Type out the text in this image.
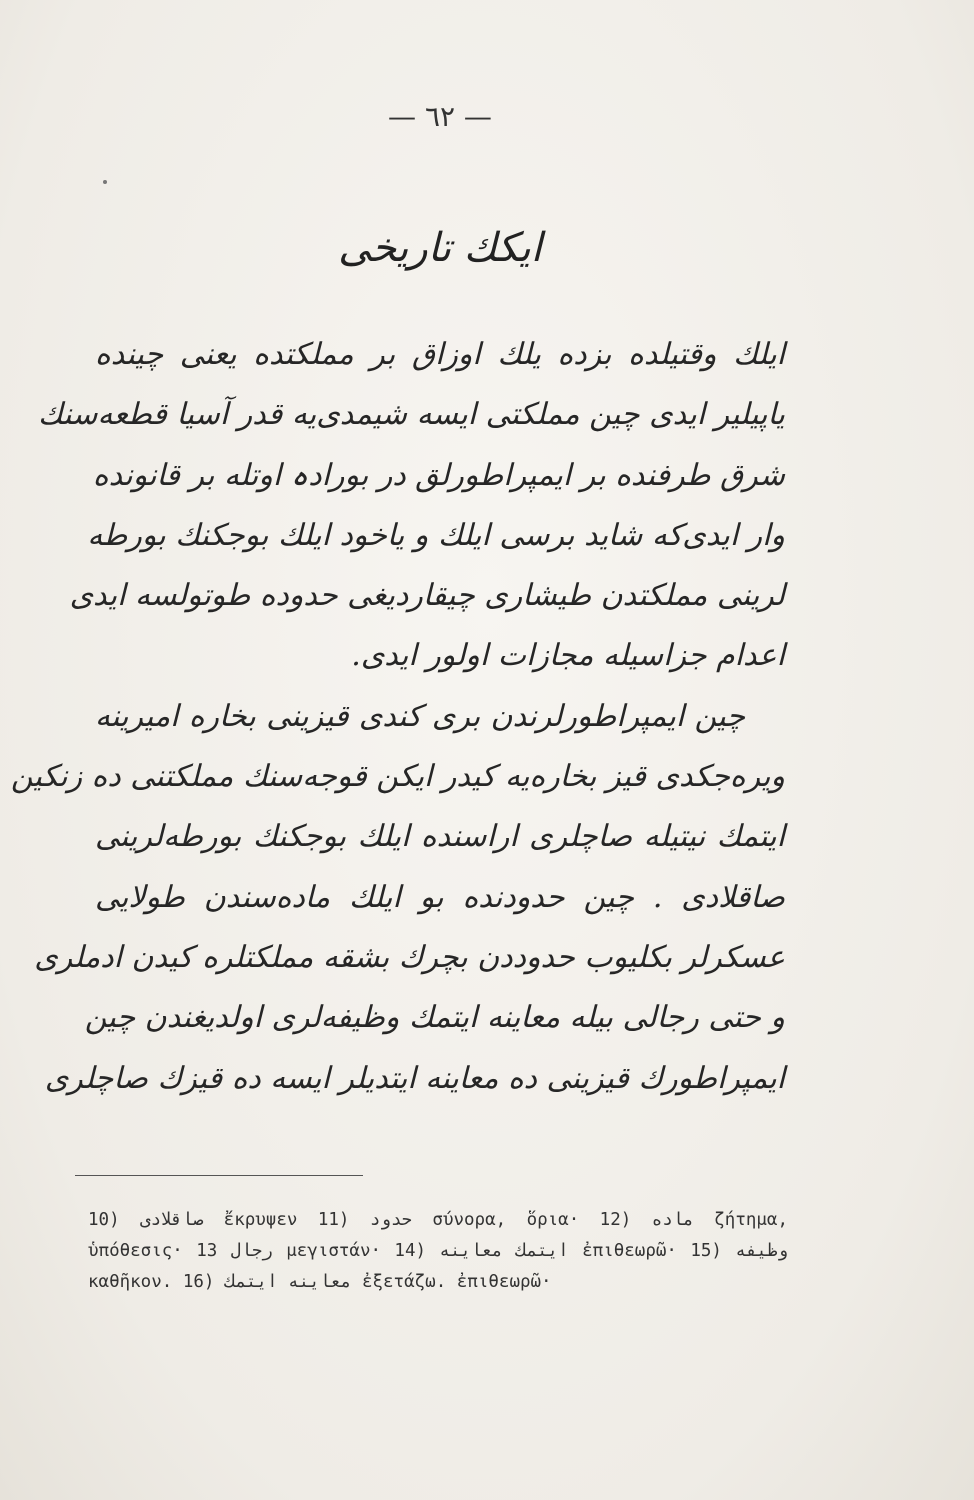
— ٦٢ —
ایکك تاریخی
ایلك وقتیلده بزده یلك اوزاق بر مملکتده یعنی چینده
یاپیلیر ایدی چین مملکتی ایسه شیمدی‌یه قدر آسیا قطعه‌سنك
شرق طرفنده بر ایمپراطورلق در بورادہ اوتلە بر قانونده
وار ایدی‌که شاید برسی ایلك و یاخود ایلك بوجکنك بورطه‌
لرینی مملکتدن طیشاری چیقاردیغی حدوده طوتولسه ایدی
اعدام جزاسیله مجازات اولور ایدی.
چین ایمپراطورلرندن بری کندی قیزینی بخاره امیرینه
ویره‌جکدی قیز بخاره‌یه کیدر ایکن قوجه‌سنك مملکتنی ده زنکین
ایتمك نیتیله صاچلری اراسنده ایلك بوجکنك بورطه‌لرینی
صاقلادی . چین حدودنده بو ایلك ماده‌سندن طولایی
عسکرلر بکلیوب حدوددن بچرك بشقه مملکتلره کیدن ادملری
و حتی رجالی بیله معاینه ایتمك وظیفه‌لری اولدیغندن چین
ایمپراطورك قیزینی ده معاینه ایتدیلر ایسه ده قیزك صاچلری
10) صاقلادی ἔκρυψεν 11) حدود σύνορα, ὅρια· 12) ماده ζήτημα,
ὑπόθεσις· 13 رجال μεγιστάν· 14) ایتمك معاینه ἐπιθεωρῶ· 15) وظیفه
καθῆκον. 16) معاینه ایتمك ἐξετάζω. ἐπιθεωρῶ·
